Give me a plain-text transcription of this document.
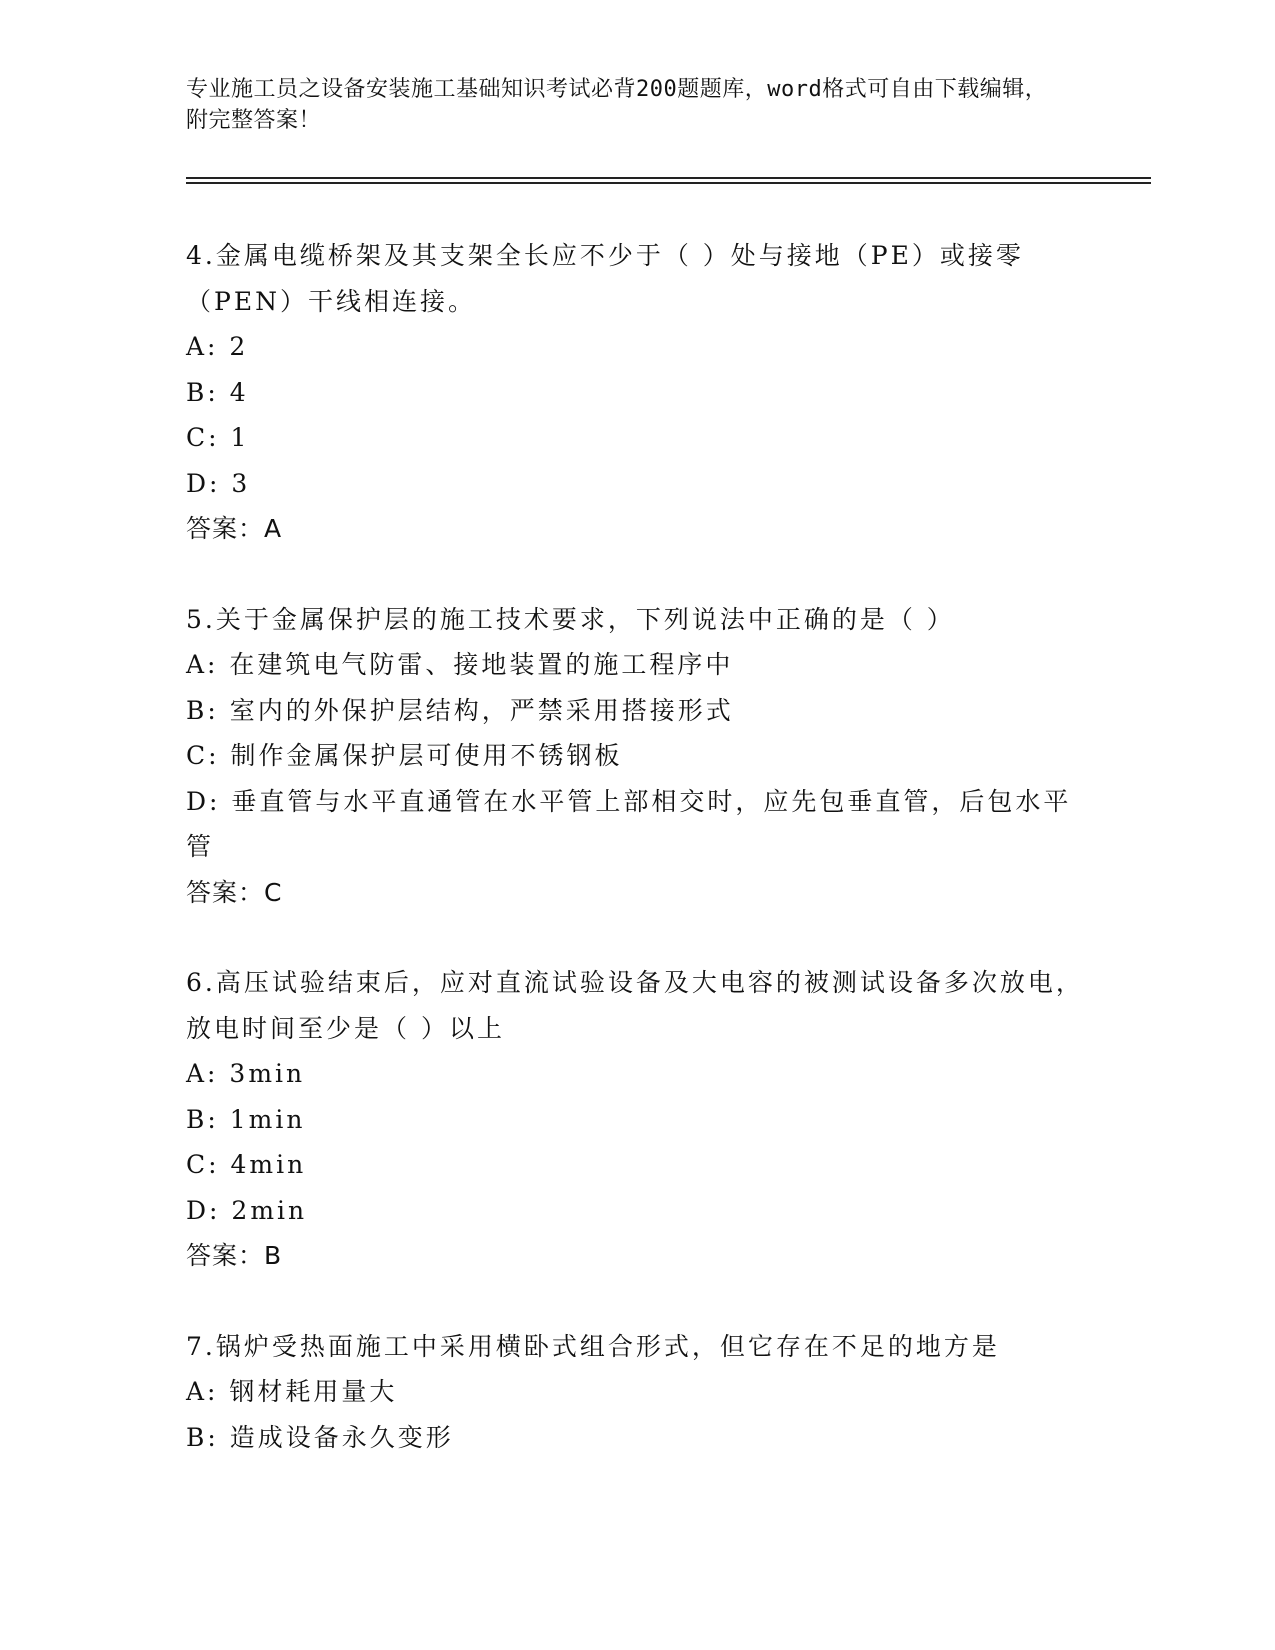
专业施工员之设备安装施工基础知识考试必背200题题库，word格式可自由下载编辑，附完整答案！

4.金属电缆桥架及其支架全长应不少于（ ）处与接地（PE）或接零（PEN）干线相连接。

A: 2

B: 4

C: 1

D: 3

答案：A

5.关于金属保护层的施工技术要求，下列说法中正确的是（ ）

A: 在建筑电气防雷、接地装置的施工程序中

B: 室内的外保护层结构，严禁采用搭接形式

C: 制作金属保护层可使用不锈钢板

D: 垂直管与水平直通管在水平管上部相交时，应先包垂直管，后包水平管

答案：C

6.高压试验结束后，应对直流试验设备及大电容的被测试设备多次放电，放电时间至少是（ ）以上

A: 3min

B: 1min

C: 4min

D: 2min

答案：B

7.锅炉受热面施工中采用横卧式组合形式，但它存在不足的地方是

A: 钢材耗用量大

B: 造成设备永久变形
